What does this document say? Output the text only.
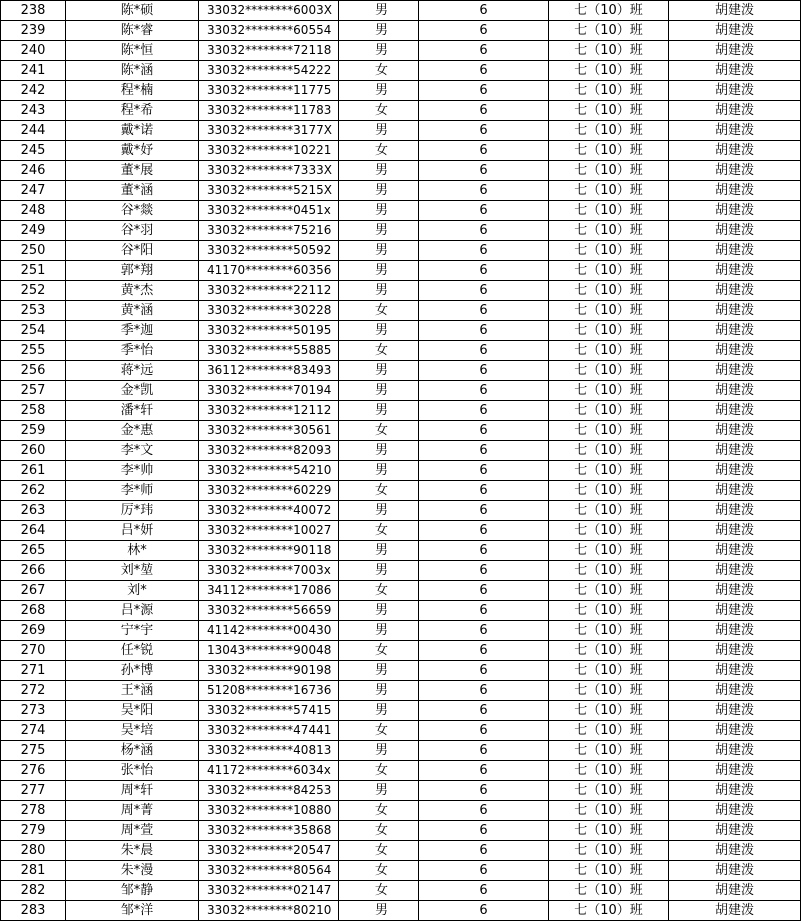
238	陈*硕	33032********6003X	男	6	七（10）班	胡建泼
239	陈*睿	33032********60554	男	6	七（10）班	胡建泼
240	陈*恒	33032********72118	男	6	七（10）班	胡建泼
241	陈*涵	33032********54222	女	6	七（10）班	胡建泼
242	程*楠	33032********11775	男	6	七（10）班	胡建泼
243	程*希	33032********11783	女	6	七（10）班	胡建泼
244	戴*诺	33032********3177X	男	6	七（10）班	胡建泼
245	戴*妤	33032********10221	女	6	七（10）班	胡建泼
246	董*展	33032********7333X	男	6	七（10）班	胡建泼
247	董*涵	33032********5215X	男	6	七（10）班	胡建泼
248	谷*燚	33032********0451x	男	6	七（10）班	胡建泼
249	谷*羽	33032********75216	男	6	七（10）班	胡建泼
250	谷*阳	33032********50592	男	6	七（10）班	胡建泼
251	郭*翔	41170********60356	男	6	七（10）班	胡建泼
252	黄*杰	33032********22112	男	6	七（10）班	胡建泼
253	黄*涵	33032********30228	女	6	七（10）班	胡建泼
254	季*迦	33032********50195	男	6	七（10）班	胡建泼
255	季*怡	33032********55885	女	6	七（10）班	胡建泼
256	蒋*远	36112********83493	男	6	七（10）班	胡建泼
257	金*凯	33032********70194	男	6	七（10）班	胡建泼
258	潘*轩	33032********12112	男	6	七（10）班	胡建泼
259	金*惠	33032********30561	女	6	七（10）班	胡建泼
260	李*文	33032********82093	男	6	七（10）班	胡建泼
261	李*帅	33032********54210	男	6	七（10）班	胡建泼
262	李*师	33032********60229	女	6	七（10）班	胡建泼
263	厉*玮	33032********40072	男	6	七（10）班	胡建泼
264	吕*妍	33032********10027	女	6	七（10）班	胡建泼
265	林*	33032********90118	男	6	七（10）班	胡建泼
266	刘*堃	33032********7003x	男	6	七（10）班	胡建泼
267	刘*	34112********17086	女	6	七（10）班	胡建泼
268	吕*源	33032********56659	男	6	七（10）班	胡建泼
269	宁*宇	41142********00430	男	6	七（10）班	胡建泼
270	任*锐	13043********90048	女	6	七（10）班	胡建泼
271	孙*博	33032********90198	男	6	七（10）班	胡建泼
272	王*涵	51208********16736	男	6	七（10）班	胡建泼
273	吴*阳	33032********57415	男	6	七（10）班	胡建泼
274	吴*培	33032********47441	女	6	七（10）班	胡建泼
275	杨*涵	33032********40813	男	6	七（10）班	胡建泼
276	张*怡	41172********6034x	女	6	七（10）班	胡建泼
277	周*轩	33032********84253	男	6	七（10）班	胡建泼
278	周*菁	33032********10880	女	6	七（10）班	胡建泼
279	周*萱	33032********35868	女	6	七（10）班	胡建泼
280	朱*晨	33032********20547	女	6	七（10）班	胡建泼
281	朱*漫	33032********80564	女	6	七（10）班	胡建泼
282	邹*静	33032********02147	女	6	七（10）班	胡建泼
283	邹*洋	33032********80210	男	6	七（10）班	胡建泼
